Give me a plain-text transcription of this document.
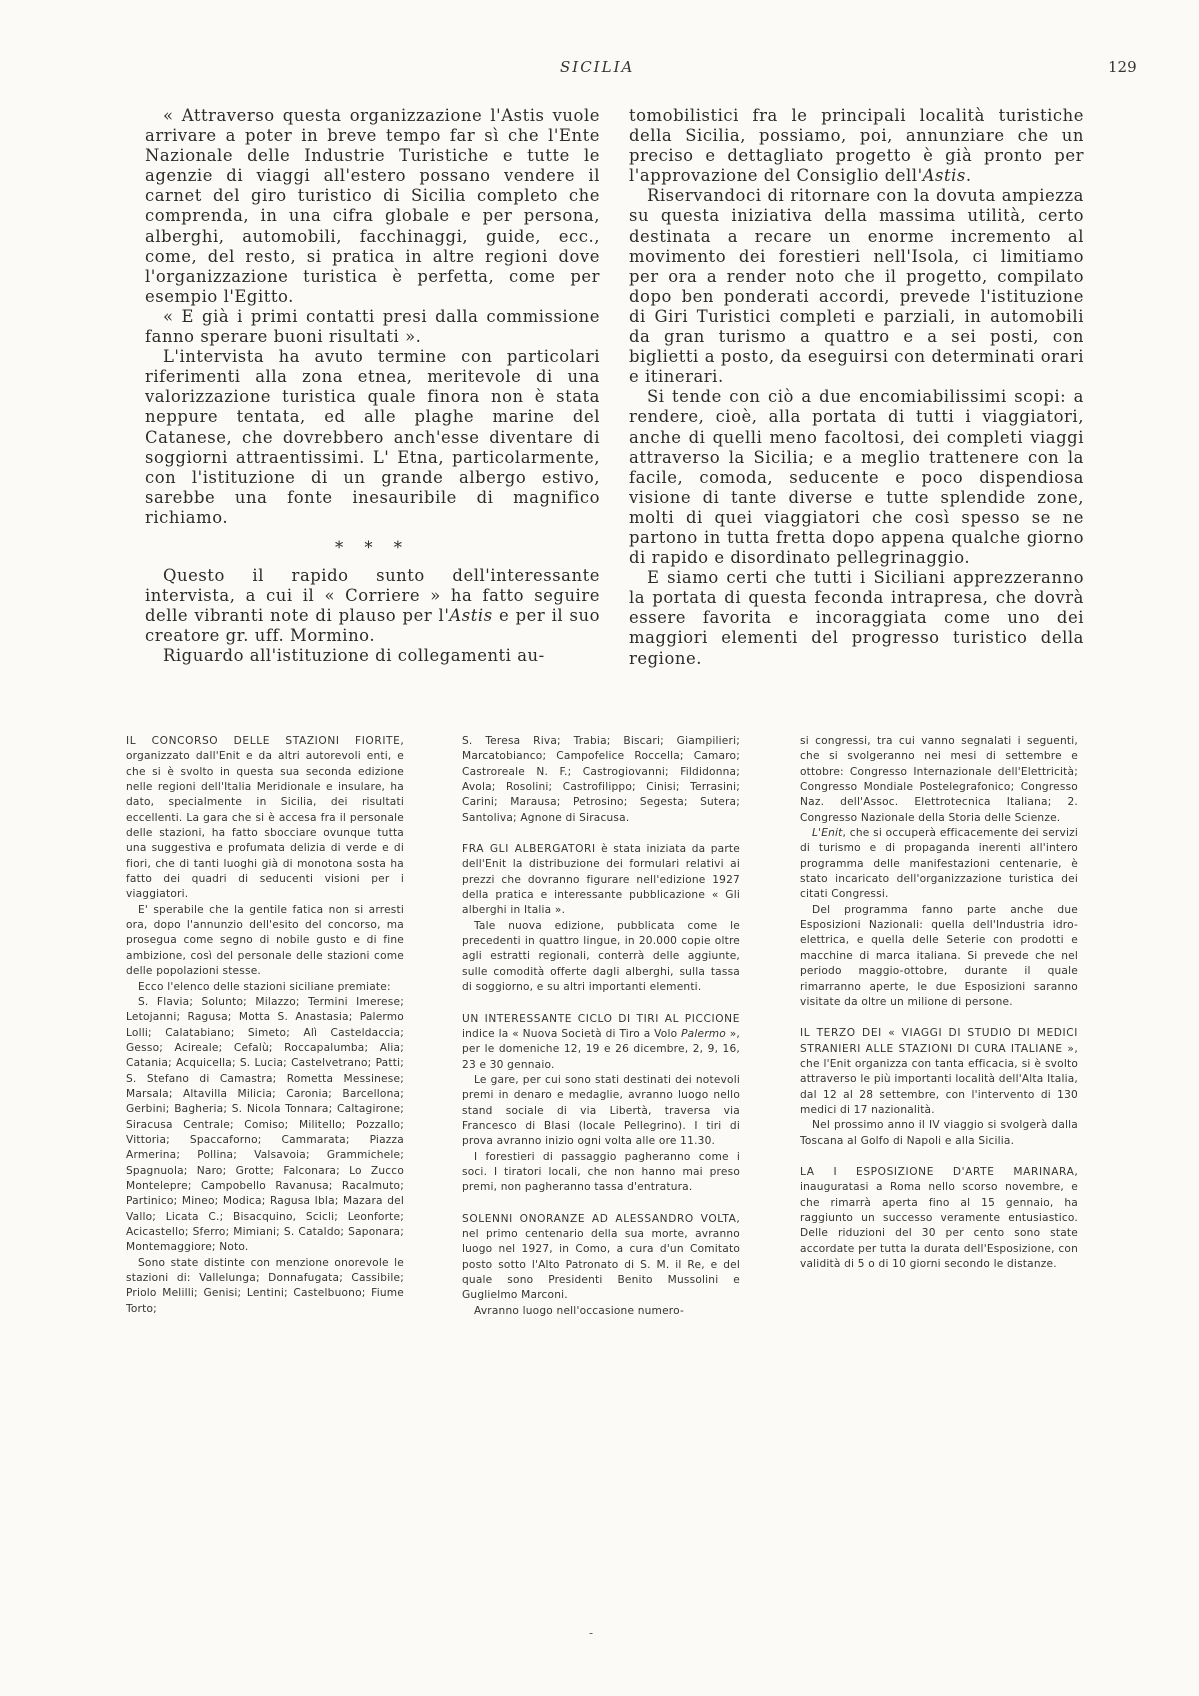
SICILIA	129

« Attraverso questa organizzazione l'Astis vuole arrivare a poter in breve tempo far sì che l'Ente Nazionale delle Industrie Turistiche e tutte le agenzie di viaggi all'estero possano vendere il carnet del giro turistico di Sicilia completo che comprenda, in una cifra globale e per persona, alberghi, automobili, facchinaggi, guide, ecc., come, del resto, si pratica in altre regioni dove l'organizzazione turistica è perfetta, come per esempio l'Egitto.

« E già i primi contatti presi dalla commissione fanno sperare buoni risultati ».

L'intervista ha avuto termine con particolari riferimenti alla zona etnea, meritevole di una valorizzazione turistica quale finora non è stata neppure tentata, ed alle plaghe marine del Catanese, che dovrebbero anch'esse diventare di soggiorni attraentissimi. L' Etna, particolarmente, con l'istituzione di un grande albergo estivo, sarebbe una fonte inesauribile di magnifico richiamo.

* * *

Questo il rapido sunto dell'interessante intervista, a cui il « Corriere » ha fatto seguire delle vibranti note di plauso per l'Astis e per il suo creatore gr. uff. Mormino.

Riguardo all'istituzione di collegamenti au-

tomobilistici fra le principali località turistiche della Sicilia, possiamo, poi, annunziare che un preciso e dettagliato progetto è già pronto per l'approvazione del Consiglio dell'Astis.

Riservandoci di ritornare con la dovuta ampiezza su questa iniziativa della massima utilità, certo destinata a recare un enorme incremento al movimento dei forestieri nell'Isola, ci limitiamo per ora a render noto che il progetto, compilato dopo ben ponderati accordi, prevede l'istituzione di Giri Turistici completi e parziali, in automobili da gran turismo a quattro e a sei posti, con biglietti a posto, da eseguirsi con determinati orari e itinerari.

Si tende con ciò a due encomiabilissimi scopi: a rendere, cioè, alla portata di tutti i viaggiatori, anche di quelli meno facoltosi, dei completi viaggi attraverso la Sicilia; e a meglio trattenere con la facile, comoda, seducente e poco dispendiosa visione di tante diverse e tutte splendide zone, molti di quei viaggiatori che così spesso se ne partono in tutta fretta dopo appena qualche giorno di rapido e disordinato pellegrinaggio.

E siamo certi che tutti i Siciliani apprezzeranno la portata di questa feconda intrapresa, che dovrà essere favorita e incoraggiata come uno dei maggiori elementi del progresso turistico della regione.

IL CONCORSO DELLE STAZIONI FIORITE, organizzato dall'Enit e da altri autorevoli enti, e che si è svolto in questa sua seconda edizione nelle regioni dell'Italia Meridionale e insulare, ha dato, specialmente in Sicilia, dei risultati eccellenti. La gara che si è accesa fra il personale delle stazioni, ha fatto sbocciare ovunque tutta una suggestiva e profumata delizia di verde e di fiori, che di tanti luoghi già di monotona sosta ha fatto dei quadri di seducenti visioni per i viaggiatori.

E' sperabile che la gentile fatica non si arresti ora, dopo l'annunzio dell'esito del concorso, ma prosegua come segno di nobile gusto e di fine ambizione, così del personale delle stazioni come delle popolazioni stesse.

Ecco l'elenco delle stazioni siciliane premiate:

S. Flavia; Solunto; Milazzo; Termini Imerese; Letojanni; Ragusa; Motta S. Anastasia; Palermo Lolli; Calatabiano; Simeto; Alì Casteldaccia; Gesso; Acireale; Cefalù; Roccapalumba; Alia; Catania; Acquicella; S. Lucia; Castelvetrano; Patti; S. Stefano di Camastra; Rometta Messinese; Marsala; Altavilla Milicia; Caronia; Barcellona; Gerbini; Bagheria; S. Nicola Tonnara; Caltagirone; Siracusa Centrale; Comiso; Militello; Pozzallo; Vittoria; Spaccaforno; Cammarata; Piazza Armerina; Pollina; Valsavoia; Grammichele; Spagnuola; Naro; Grotte; Falconara; Lo Zucco Montelepre; Campobello Ravanusa; Racalmuto; Partinico; Mineo; Modica; Ragusa Ibla; Mazara del Vallo; Licata C.; Bisacquino, Scicli; Leonforte; Acicastello; Sferro; Mimiani; S. Cataldo; Saponara; Montemaggiore; Noto.

Sono state distinte con menzione onorevole le stazioni di: Vallelunga; Donnafugata; Cassibile; Priolo Melilli; Genisi; Lentini; Castelbuono; Fiume Torto;

S. Teresa Riva; Trabia; Biscari; Giampilieri; Marcatobianco; Campofelice Roccella; Camaro; Castroreale N. F.; Castrogiovanni; Fildidonna; Avola; Rosolini; Castrofilippo; Cinisi; Terrasini; Carini; Marausa; Petrosino; Segesta; Sutera; Santoliva; Agnone di Siracusa.

FRA GLI ALBERGATORI è stata iniziata da parte dell'Enit la distribuzione dei formulari relativi ai prezzi che dovranno figurare nell'edizione 1927 della pratica e interessante pubblicazione « Gli alberghi in Italia ».

Tale nuova edizione, pubblicata come le precedenti in quattro lingue, in 20.000 copie oltre agli estratti regionali, conterrà delle aggiunte, sulle comodità offerte dagli alberghi, sulla tassa di soggiorno, e su altri importanti elementi.

UN INTERESSANTE CICLO DI TIRI AL PICCIONE indice la « Nuova Società di Tiro a Volo Palermo », per le domeniche 12, 19 e 26 dicembre, 2, 9, 16, 23 e 30 gennaio.

Le gare, per cui sono stati destinati dei notevoli premi in denaro e medaglie, avranno luogo nello stand sociale di via Libertà, traversa via Francesco di Blasi (locale Pellegrino). I tiri di prova avranno inizio ogni volta alle ore 11.30.

I forestieri di passaggio pagheranno come i soci. I tiratori locali, che non hanno mai preso premi, non pagheranno tassa d'entratura.

SOLENNI ONORANZE AD ALESSANDRO VOLTA, nel primo centenario della sua morte, avranno luogo nel 1927, in Como, a cura d'un Comitato posto sotto l'Alto Patronato di S. M. il Re, e del quale sono Presidenti Benito Mussolini e Guglielmo Marconi.

Avranno luogo nell'occasione numero-

si congressi, tra cui vanno segnalati i seguenti, che si svolgeranno nei mesi di settembre e ottobre: Congresso Internazionale dell'Elettricità; Congresso Mondiale Postelegrafonico; Congresso Naz. dell'Assoc. Elettrotecnica Italiana; 2. Congresso Nazionale della Storia delle Scienze.

L'Enit, che si occuperà efficacemente dei servizi di turismo e di propaganda inerenti all'intero programma delle manifestazioni centenarie, è stato incaricato dell'organizzazione turistica dei citati Congressi.

Del programma fanno parte anche due Esposizioni Nazionali: quella dell'Industria idro-elettrica, e quella delle Seterie con prodotti e macchine di marca italiana. Si prevede che nel periodo maggio-ottobre, durante il quale rimarranno aperte, le due Esposizioni saranno visitate da oltre un milione di persone.

IL TERZO DEI « VIAGGI DI STUDIO DI MEDICI STRANIERI ALLE STAZIONI DI CURA ITALIANE », che l'Enit organizza con tanta efficacia, si è svolto attraverso le più importanti località dell'Alta Italia, dal 12 al 28 settembre, con l'intervento di 130 medici di 17 nazionalità.

Nel prossimo anno il IV viaggio si svolgerà dalla Toscana al Golfo di Napoli e alla Sicilia.

LA I ESPOSIZIONE D'ARTE MARINARA, inauguratasi a Roma nello scorso novembre, e che rimarrà aperta fino al 15 gennaio, ha raggiunto un successo veramente entusiastico. Delle riduzioni del 30 per cento sono state accordate per tutta la durata dell'Esposizione, con validità di 5 o di 10 giorni secondo le distanze.

-
